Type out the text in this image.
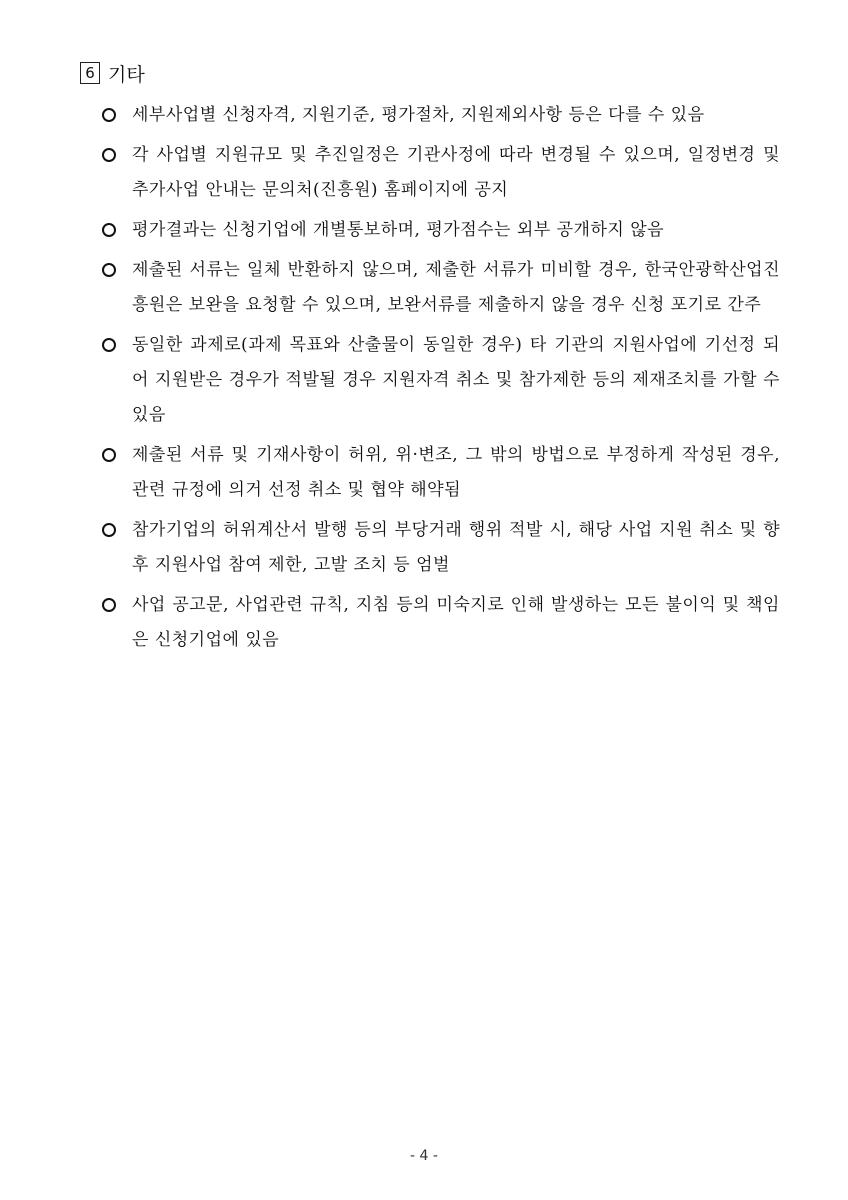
6 기타
세부사업별 신청자격, 지원기준, 평가절차, 지원제외사항 등은 다를 수 있음
각 사업별 지원규모 및 추진일정은 기관사정에 따라 변경될 수 있으며, 일정변경 및 추가사업 안내는 문의처(진흥원) 홈페이지에 공지
평가결과는 신청기업에 개별통보하며, 평가점수는 외부 공개하지 않음
제출된 서류는 일체 반환하지 않으며, 제출한 서류가 미비할 경우, 한국안광학산업진흥원은 보완을 요청할 수 있으며, 보완서류를 제출하지 않을 경우 신청 포기로 간주
동일한 과제로(과제 목표와 산출물이 동일한 경우) 타 기관의 지원사업에 기선정 되어 지원받은 경우가 적발될 경우 지원자격 취소 및 참가제한 등의 제재조치를 가할 수 있음
제출된 서류 및 기재사항이 허위, 위·변조, 그 밖의 방법으로 부정하게 작성된 경우, 관련 규정에 의거 선정 취소 및 협약 해약됨
참가기업의 허위계산서 발행 등의 부당거래 행위 적발 시, 해당 사업 지원 취소 및 향후 지원사업 참여 제한, 고발 조치 등 엄벌
사업 공고문, 사업관련 규칙, 지침 등의 미숙지로 인해 발생하는 모든 불이익 및 책임은 신청기업에 있음
- 4 -
